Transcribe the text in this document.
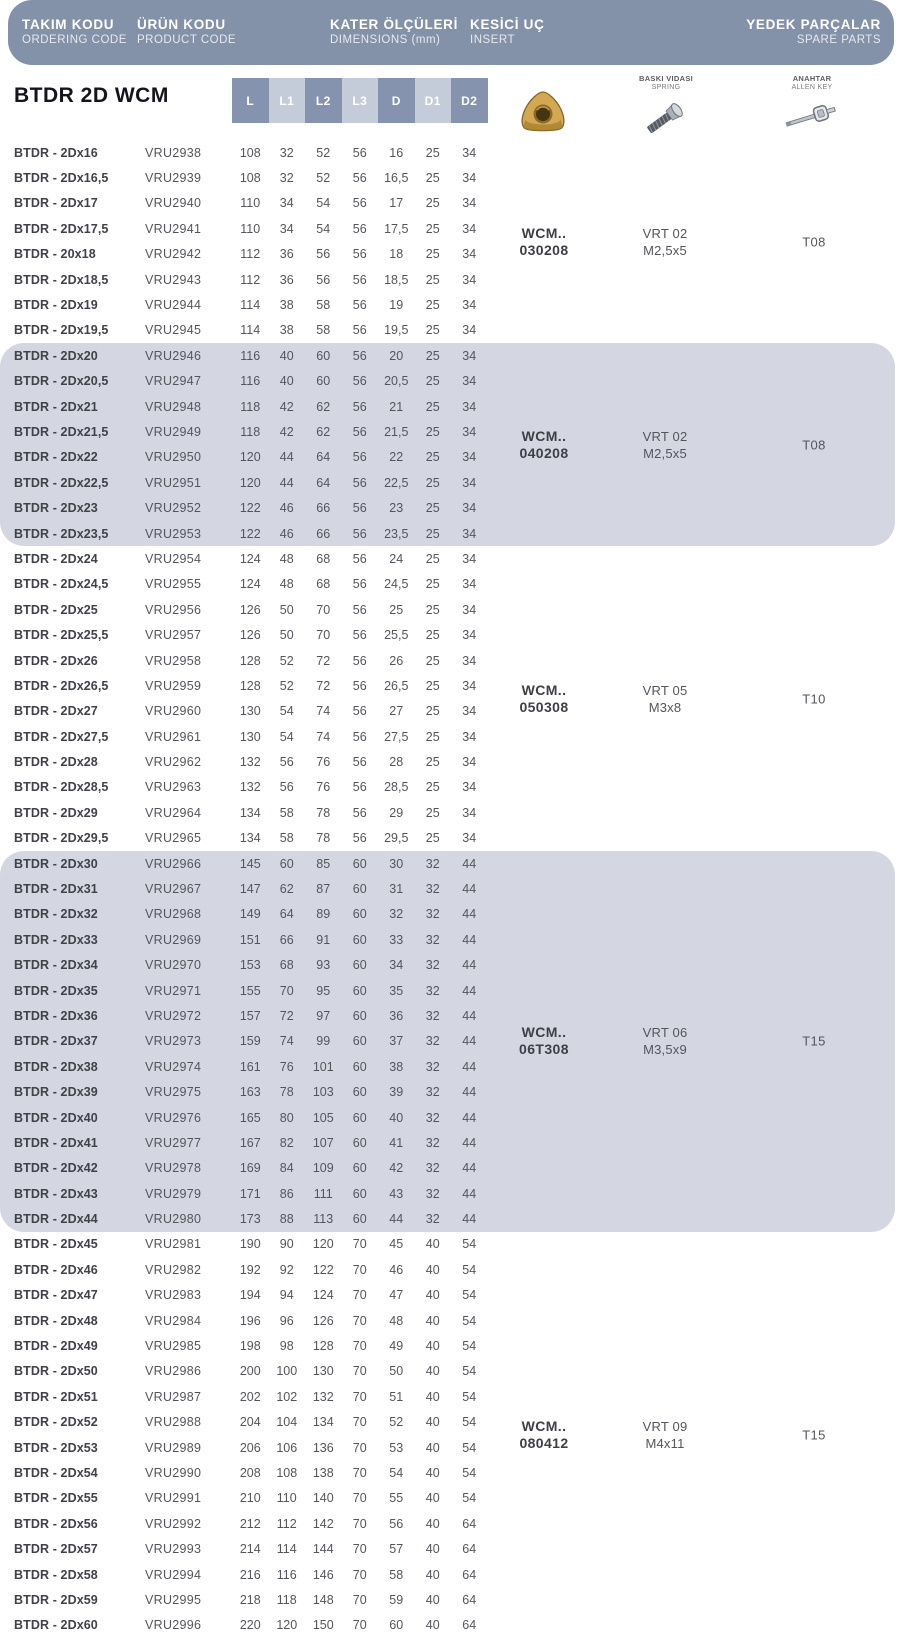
TAKIM KODU
ORDERING CODE
ÜRÜN KODU
PRODUCT CODE
KATER ÖLÇÜLERİ
DIMENSIONS (mm)
KESİCİ UÇ
INSERT
YEDEK PARÇALAR
SPARE PARTS
BTDR 2D WCM	L	L1	L2	L3	D	D1	D2
BASKI VIDASI
SPRING
ANAHTAR
ALLEN KEY
BTDR - 2Dx16	VRU2938	108	32	52	56	16	25	34
BTDR - 2Dx16,5	VRU2939	108	32	52	56	16,5	25	34
BTDR - 2Dx17	VRU2940	110	34	54	56	17	25	34
BTDR - 2Dx17,5	VRU2941	110	34	54	56	17,5	25	34
BTDR - 20x18	VRU2942	112	36	56	56	18	25	34
BTDR - 2Dx18,5	VRU2943	112	36	56	56	18,5	25	34
BTDR - 2Dx19	VRU2944	114	38	58	56	19	25	34
BTDR - 2Dx19,5	VRU2945	114	38	58	56	19,5	25	34
WCM..
030208
VRT 02
M2,5x5
T08
BTDR - 2Dx20	VRU2946	116	40	60	56	20	25	34
BTDR - 2Dx20,5	VRU2947	116	40	60	56	20,5	25	34
BTDR - 2Dx21	VRU2948	118	42	62	56	21	25	34
BTDR - 2Dx21,5	VRU2949	118	42	62	56	21,5	25	34
BTDR - 2Dx22	VRU2950	120	44	64	56	22	25	34
BTDR - 2Dx22,5	VRU2951	120	44	64	56	22,5	25	34
BTDR - 2Dx23	VRU2952	122	46	66	56	23	25	34
BTDR - 2Dx23,5	VRU2953	122	46	66	56	23,5	25	34
WCM..
040208
VRT 02
M2,5x5
T08
BTDR - 2Dx24	VRU2954	124	48	68	56	24	25	34
BTDR - 2Dx24,5	VRU2955	124	48	68	56	24,5	25	34
BTDR - 2Dx25	VRU2956	126	50	70	56	25	25	34
BTDR - 2Dx25,5	VRU2957	126	50	70	56	25,5	25	34
BTDR - 2Dx26	VRU2958	128	52	72	56	26	25	34
BTDR - 2Dx26,5	VRU2959	128	52	72	56	26,5	25	34
BTDR - 2Dx27	VRU2960	130	54	74	56	27	25	34
BTDR - 2Dx27,5	VRU2961	130	54	74	56	27,5	25	34
BTDR - 2Dx28	VRU2962	132	56	76	56	28	25	34
BTDR - 2Dx28,5	VRU2963	132	56	76	56	28,5	25	34
BTDR - 2Dx29	VRU2964	134	58	78	56	29	25	34
BTDR - 2Dx29,5	VRU2965	134	58	78	56	29,5	25	34
WCM..
050308
VRT 05
M3x8
T10
BTDR - 2Dx30	VRU2966	145	60	85	60	30	32	44
BTDR - 2Dx31	VRU2967	147	62	87	60	31	32	44
BTDR - 2Dx32	VRU2968	149	64	89	60	32	32	44
BTDR - 2Dx33	VRU2969	151	66	91	60	33	32	44
BTDR - 2Dx34	VRU2970	153	68	93	60	34	32	44
BTDR - 2Dx35	VRU2971	155	70	95	60	35	32	44
BTDR - 2Dx36	VRU2972	157	72	97	60	36	32	44
BTDR - 2Dx37	VRU2973	159	74	99	60	37	32	44
BTDR - 2Dx38	VRU2974	161	76	101	60	38	32	44
BTDR - 2Dx39	VRU2975	163	78	103	60	39	32	44
BTDR - 2Dx40	VRU2976	165	80	105	60	40	32	44
BTDR - 2Dx41	VRU2977	167	82	107	60	41	32	44
BTDR - 2Dx42	VRU2978	169	84	109	60	42	32	44
BTDR - 2Dx43	VRU2979	171	86	111	60	43	32	44
BTDR - 2Dx44	VRU2980	173	88	113	60	44	32	44
WCM..
06T308
VRT 06
M3,5x9
T15
BTDR - 2Dx45	VRU2981	190	90	120	70	45	40	54
BTDR - 2Dx46	VRU2982	192	92	122	70	46	40	54
BTDR - 2Dx47	VRU2983	194	94	124	70	47	40	54
BTDR - 2Dx48	VRU2984	196	96	126	70	48	40	54
BTDR - 2Dx49	VRU2985	198	98	128	70	49	40	54
BTDR - 2Dx50	VRU2986	200	100	130	70	50	40	54
BTDR - 2Dx51	VRU2987	202	102	132	70	51	40	54
BTDR - 2Dx52	VRU2988	204	104	134	70	52	40	54
BTDR - 2Dx53	VRU2989	206	106	136	70	53	40	54
BTDR - 2Dx54	VRU2990	208	108	138	70	54	40	54
BTDR - 2Dx55	VRU2991	210	110	140	70	55	40	54
BTDR - 2Dx56	VRU2992	212	112	142	70	56	40	64
BTDR - 2Dx57	VRU2993	214	114	144	70	57	40	64
BTDR - 2Dx58	VRU2994	216	116	146	70	58	40	64
BTDR - 2Dx59	VRU2995	218	118	148	70	59	40	64
BTDR - 2Dx60	VRU2996	220	120	150	70	60	40	64
WCM..
080412
VRT 09
M4x11
T15
